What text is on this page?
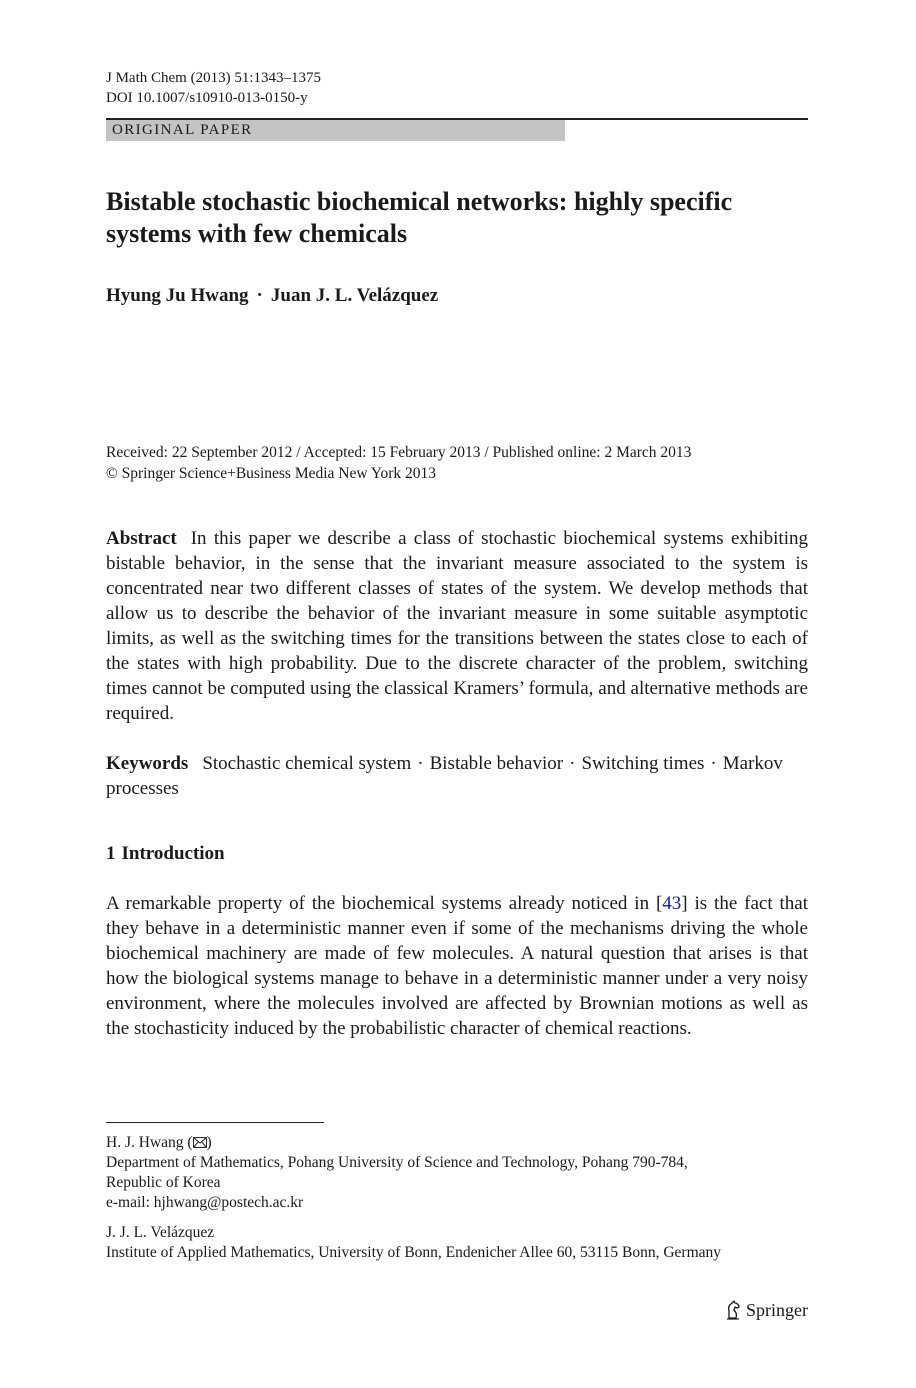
J Math Chem (2013) 51:1343–1375
DOI 10.1007/s10910-013-0150-y
ORIGINAL PAPER
Bistable stochastic biochemical networks: highly specific systems with few chemicals
Hyung Ju Hwang · Juan J. L. Velázquez
Received: 22 September 2012 / Accepted: 15 February 2013 / Published online: 2 March 2013
© Springer Science+Business Media New York 2013

Abstract In this paper we describe a class of stochastic biochemical systems exhibiting bistable behavior, in the sense that the invariant measure associated to the system is concentrated near two different classes of states of the system. We develop methods that allow us to describe the behavior of the invariant measure in some suitable asymptotic limits, as well as the switching times for the transitions between the states close to each of the states with high probability. Due to the discrete character of the problem, switching times cannot be computed using the classical Kramers’ formula, and alternative methods are required.

Keywords Stochastic chemical system · Bistable behavior · Switching times · Markov processes

1 Introduction

A remarkable property of the biochemical systems already noticed in [43] is the fact that they behave in a deterministic manner even if some of the mechanisms driving the whole biochemical machinery are made of few molecules. A natural question that arises is that how the biological systems manage to behave in a deterministic manner under a very noisy environment, where the molecules involved are affected by Brownian motions as well as the stochasticity induced by the probabilistic character of chemical reactions.

H. J. Hwang ( )
Department of Mathematics, Pohang University of Science and Technology, Pohang 790-784,
Republic of Korea
e-mail: hjhwang@postech.ac.kr
J. J. L. Velázquez
Institute of Applied Mathematics, University of Bonn, Endenicher Allee 60, 53115 Bonn, Germany
Springer
